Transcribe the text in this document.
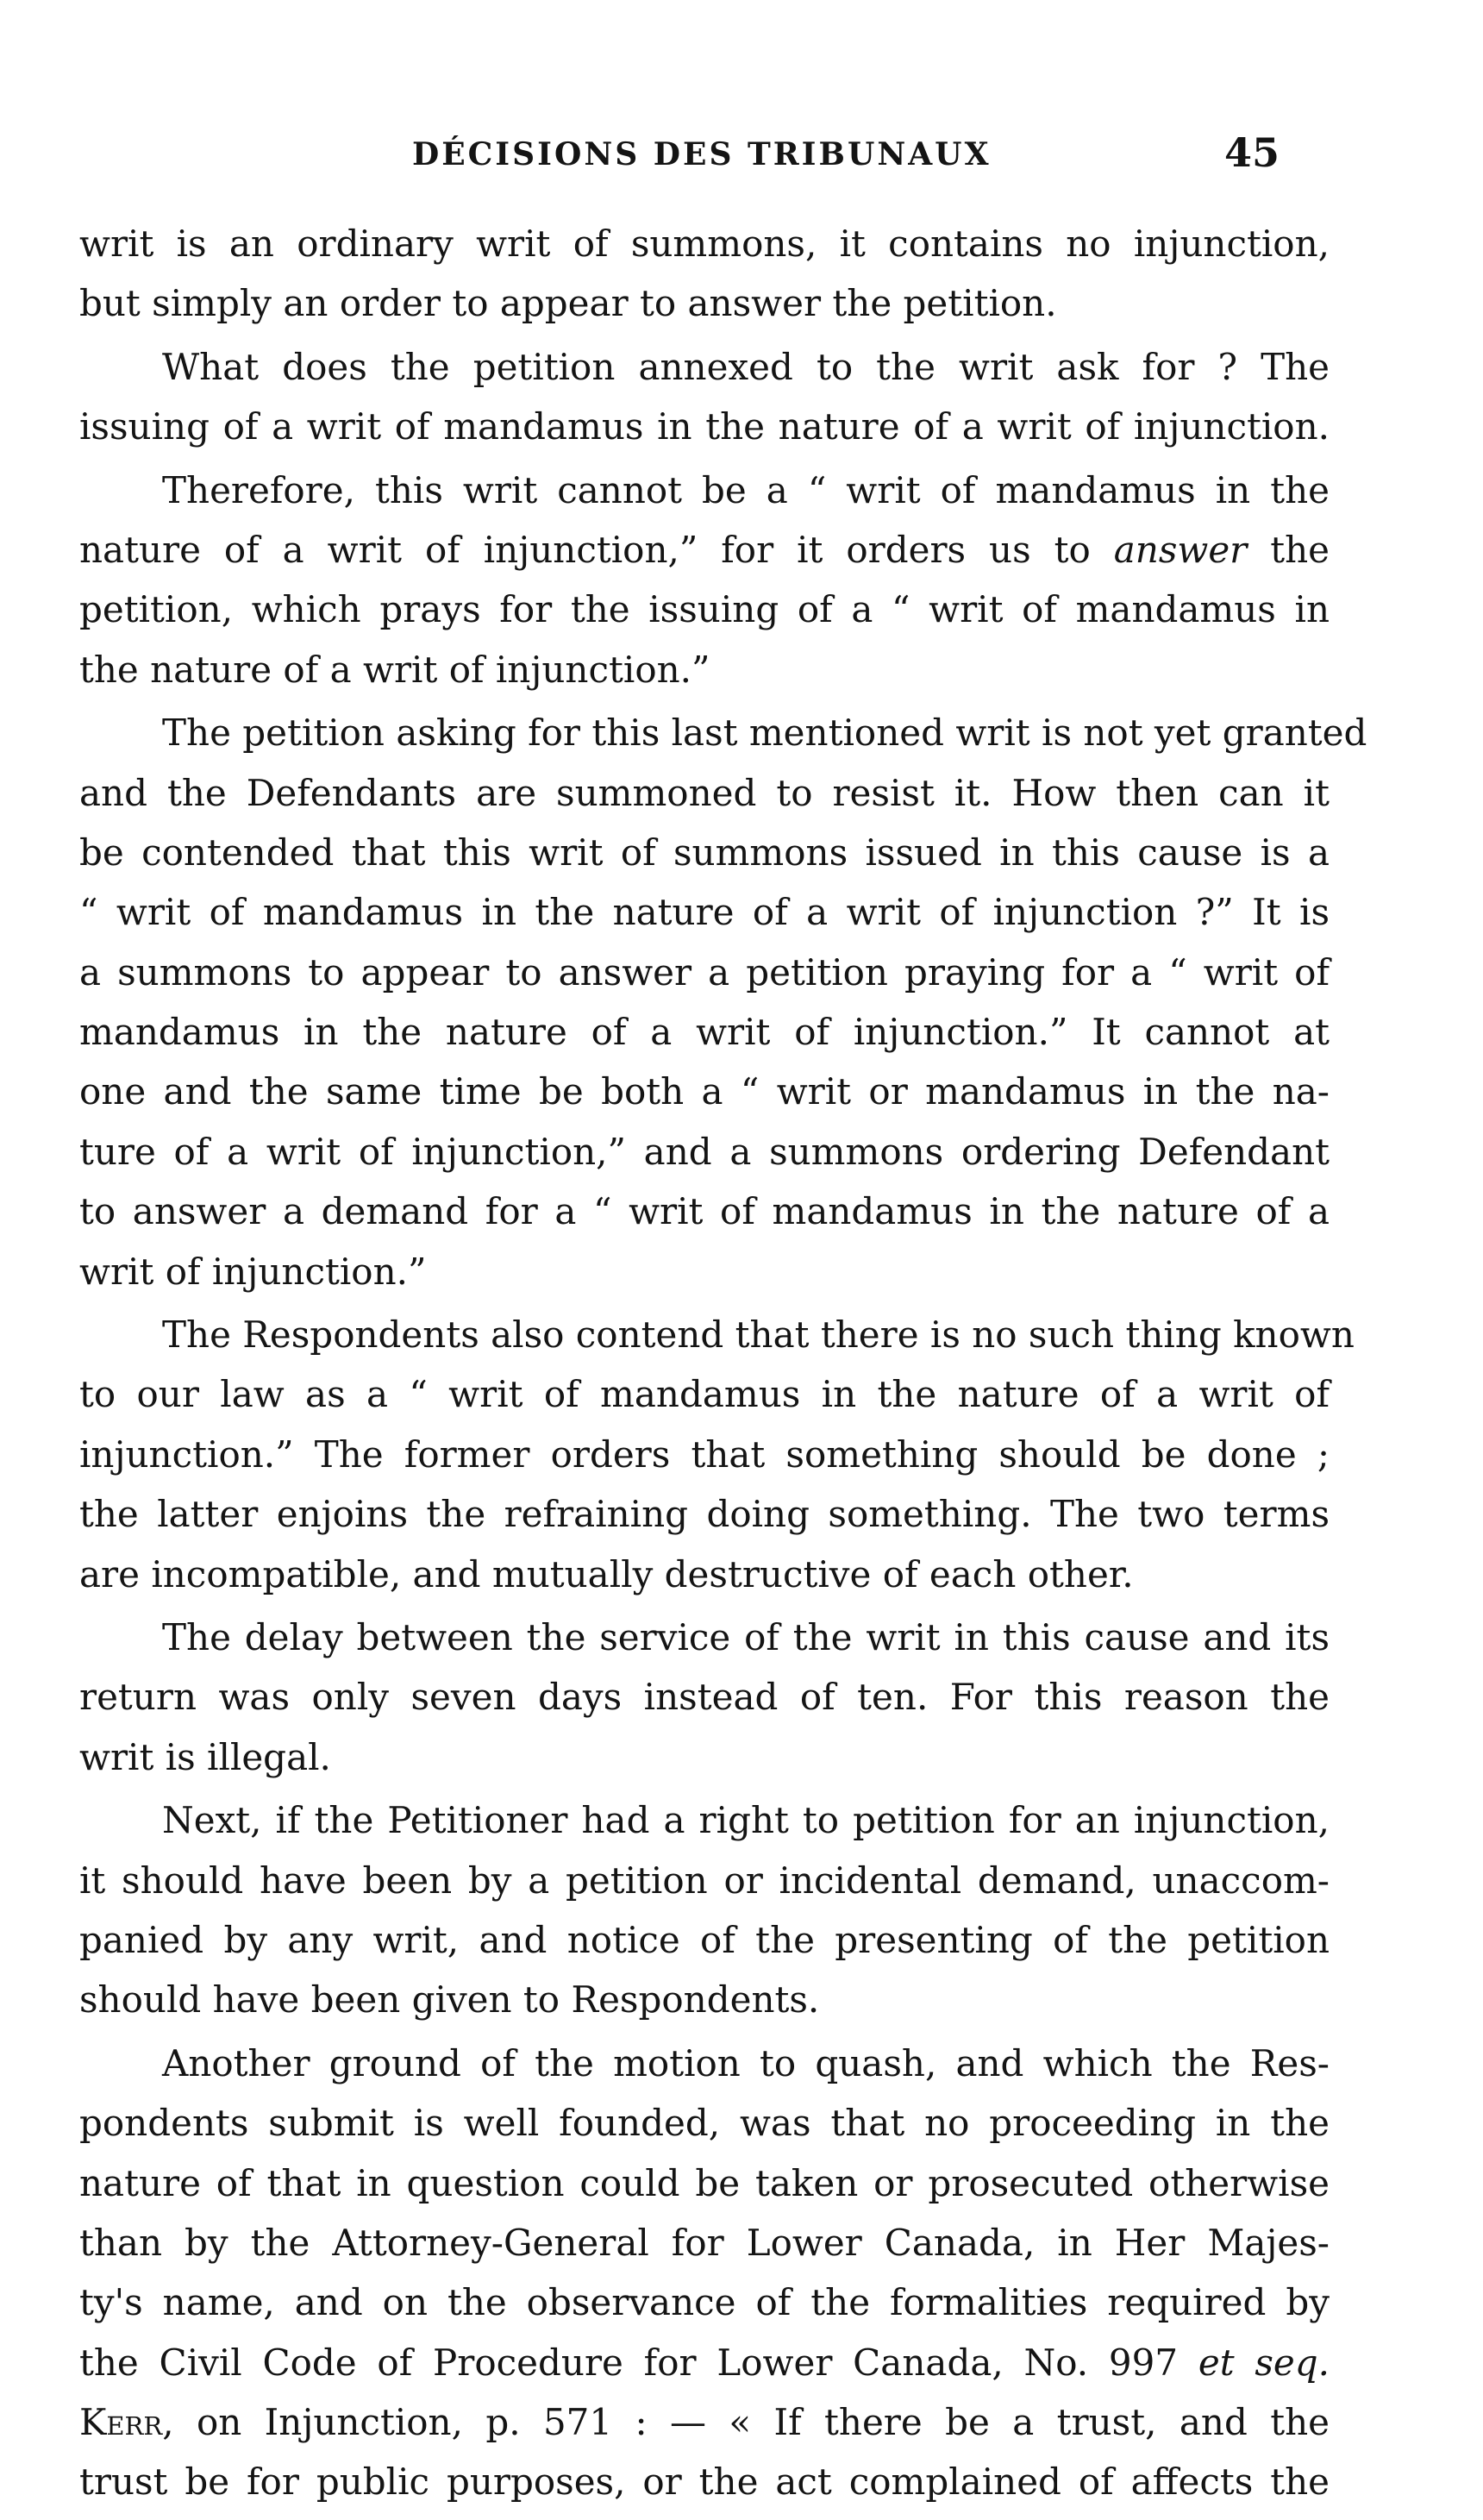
DÉCISIONS DES TRIBUNAUX	45
writ is an ordinary writ of summons, it contains no injunction,
but simply an order to appear to answer the petition.
What does the petition annexed to the writ ask for ? The
issuing of a writ of mandamus in the nature of a writ of injunction.
Therefore, this writ cannot be a “ writ of mandamus in the
nature of a writ of injunction,” for it orders us to answer the
petition, which prays for the issuing of a “ writ of mandamus in
the nature of a writ of injunction.”
The petition asking for this last mentioned writ is not yet granted
and the Defendants are summoned to resist it. How then can it
be contended that this writ of summons issued in this cause is a
“ writ of mandamus in the nature of a writ of injunction ?” It is
a summons to appear to answer a petition praying for a “ writ of
mandamus in the nature of a writ of injunction.” It cannot at
one and the same time be both a “ writ or mandamus in the na-
ture of a writ of injunction,” and a summons ordering Defendant
to answer a demand for a “ writ of mandamus in the nature of a
writ of injunction.”
The Respondents also contend that there is no such thing known
to our law as a “ writ of mandamus in the nature of a writ of
injunction.” The former orders that something should be done ;
the latter enjoins the refraining doing something. The two terms
are incompatible, and mutually destructive of each other.
The delay between the service of the writ in this cause and its
return was only seven days instead of ten. For this reason the
writ is illegal.
Next, if the Petitioner had a right to petition for an injunction,
it should have been by a petition or incidental demand, unaccom-
panied by any writ, and notice of the presenting of the petition
should have been given to Respondents.
Another ground of the motion to quash, and which the Res-
pondents submit is well founded, was that no proceeding in the
nature of that in question could be taken or prosecuted otherwise
than by the Attorney-General for Lower Canada, in Her Majes-
ty's name, and on the observance of the formalities required by
the Civil Code of Procedure for Lower Canada, No. 997 et seq.
Kerr, on Injunction, p. 571 : — « If there be a trust, and the
trust be for public purposes, or the act complained of affects the
